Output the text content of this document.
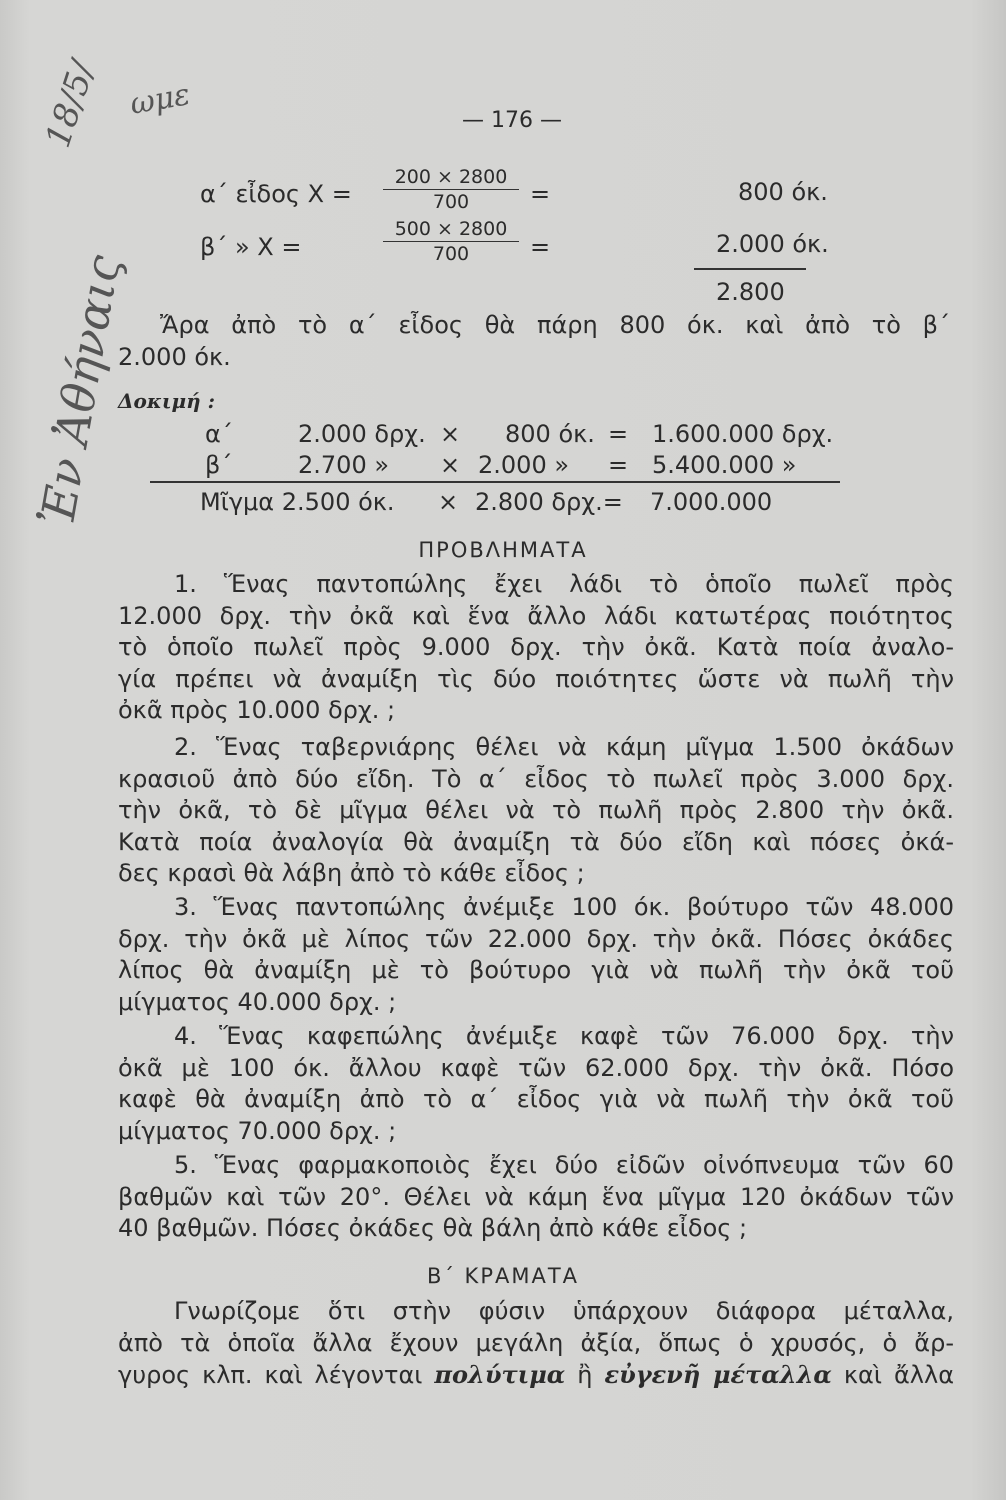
18/5/ ωμε
Ἐν Ἀθήναις
— 176 —
α΄ εἶδος $X = \frac{200 \times 2800}{700}$ =	800 όκ.
β΄ » Χ =	$\frac{500 \times 2800}{700}$ =	2.000 όκ.
2.800
Ἄρα ἀπὸ τὸ α΄ εἶδος θὰ πάρη 800 όκ. καὶ ἀπὸ τὸ β΄
2.000 όκ.
Δοκιμή :
α΄	2.000 δρχ. × 800 όκ. = 1.600.000 δρχ.
β΄	2.700 » × 2.000 » = 5.400.000 »
Μῖγμα 2.500 όκ. × 2.800 δρχ.= 7.000.000
ΠΡΟΒΛΗΜΑΤΑ
1. Ἕνας παντοπώλης ἔχει λάδι τὸ ὁποῖο πωλεῖ πρὸς
12.000 δρχ. τὴν ὀκᾶ καὶ ἕνα ἄλλο λάδι κατωτέρας ποιότητος
τὸ ὁποῖο πωλεῖ πρὸς 9.000 δρχ. τὴν ὀκᾶ. Κατὰ ποία ἀναλο-
γία πρέπει νὰ ἀναμίξη τὶς δύο ποιότητες ὥστε νὰ πωλῆ τὴν
ὀκᾶ πρὸς 10.000 δρχ. ;
2. Ἕνας ταβερνιάρης θέλει νὰ κάμη μῖγμα 1.500 ὀκάδων
κρασιοῦ ἀπὸ δύο εἴδη. Τὸ α΄ εἶδος τὸ πωλεῖ πρὸς 3.000 δρχ.
τὴν ὀκᾶ, τὸ δὲ μῖγμα θέλει νὰ τὸ πωλῆ πρὸς 2.800 τὴν ὀκᾶ.
Κατὰ ποία ἀναλογία θὰ ἀναμίξη τὰ δύο εἴδη καὶ πόσες ὀκά-
δες κρασὶ θὰ λάβη ἀπὸ τὸ κάθε εἶδος ;
3. Ἕνας παντοπώλης ἀνέμιξε 100 όκ. βούτυρο τῶν 48.000
δρχ. τὴν ὀκᾶ μὲ λίπος τῶν 22.000 δρχ. τὴν ὀκᾶ. Πόσες ὀκάδες
λίπος θὰ ἀναμίξη μὲ τὸ βούτυρο γιὰ νὰ πωλῆ τὴν ὀκᾶ τοῦ
μίγματος 40.000 δρχ. ;
4. Ἕνας καφεπώλης ἀνέμιξε καφὲ τῶν 76.000 δρχ. τὴν
ὀκᾶ μὲ 100 όκ. ἄλλου καφὲ τῶν 62.000 δρχ. τὴν ὀκᾶ. Πόσο
καφὲ θὰ ἀναμίξη ἀπὸ τὸ α΄ εἶδος γιὰ νὰ πωλῆ τὴν ὀκᾶ τοῦ
μίγματος 70.000 δρχ. ;
5. Ἕνας φαρμακοποιὸς ἔχει δύο εἰδῶν οἰνόπνευμα τῶν 60
βαθμῶν καὶ τῶν 20°. Θέλει νὰ κάμη ἕνα μῖγμα 120 ὀκάδων τῶν
40 βαθμῶν. Πόσες ὀκάδες θὰ βάλη ἀπὸ κάθε εἶδος ;
Β΄ ΚΡΑΜΑΤΑ
Γνωρίζομε ὅτι στὴν φύσιν ὑπάρχουν διάφορα μέταλλα,
ἀπὸ τὰ ὁποῖα ἄλλα ἔχουν μεγάλη ἀξία, ὅπως ὁ χρυσός, ὁ ἄρ-
γυρος κλπ. καὶ λέγονται πολύτιμα ἢ εὐγενῆ μέταλλα καὶ ἄλλα
